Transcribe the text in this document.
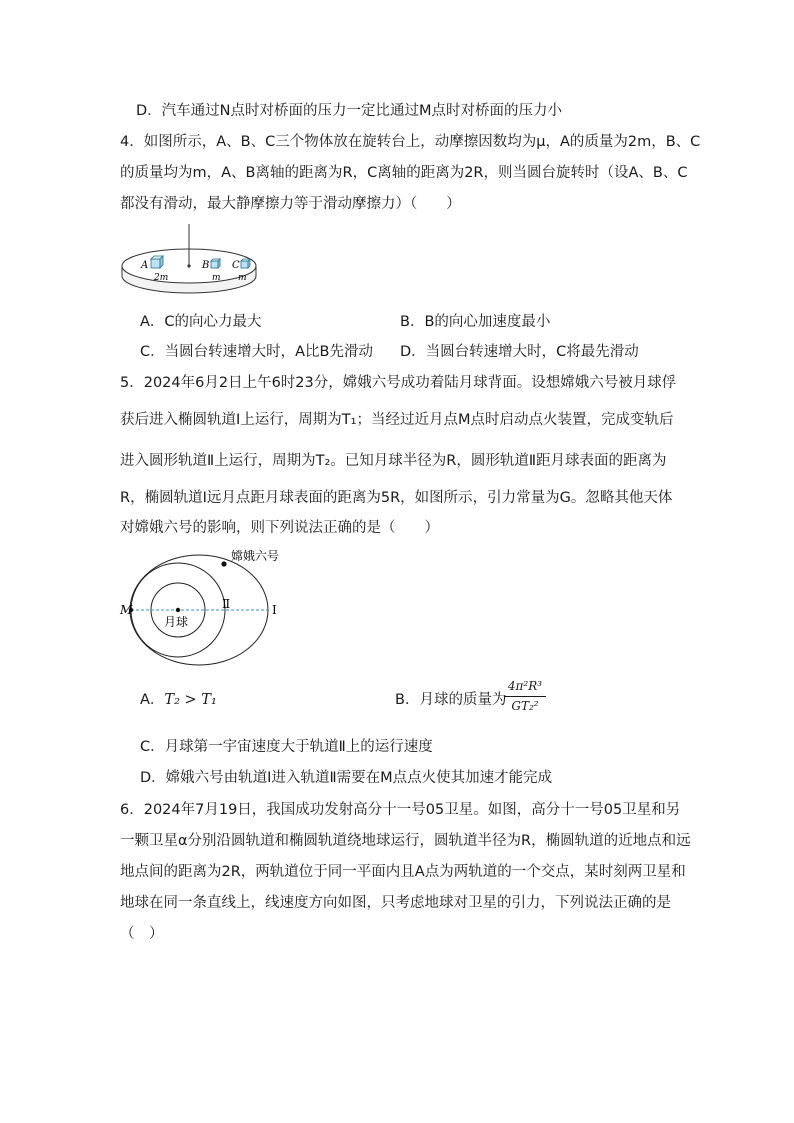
D．汽车通过N点时对桥面的压力一定比通过M点时对桥面的压力小
4．如图所示，A、B、C三个物体放在旋转台上，动摩擦因数均为μ，A的质量为2m，B、C
的质量均为m，A、B离轴的距离为R，C离轴的距离为2R，则当圆台旋转时（设A、B、C
都没有滑动，最大静摩擦力等于滑动摩擦力）（　　）
A	B C
2m	m m
A．C的向心力最大	B．B的向心加速度最小
C．当圆台转速增大时，A比B先滑动 D．当圆台转速增大时，C将最先滑动
5．2024年6月2日上午6时23分，嫦娥六号成功着陆月球背面。设想嫦娥六号被月球俘
获后进入椭圆轨道Ⅰ上运行，周期为T₁；当经过近月点M点时启动点火装置，完成变轨后
进入圆形轨道Ⅱ上运行，周期为T₂。已知月球半径为R，圆形轨道Ⅱ距月球表面的距离为
R，椭圆轨道Ⅰ远月点距月球表面的距离为5R，如图所示，引力常量为G。忽略其他天体
对嫦娥六号的影响，则下列说法正确的是（　　）
M
嫦娥六号
月球
Ⅱ	Ⅰ
A．T₂ > T₁	B．月球的质量为
4π²R³
GT₂²
C．月球第一宇宙速度大于轨道Ⅱ上的运行速度
D．嫦娥六号由轨道Ⅰ进入轨道Ⅱ需要在M点点火使其加速才能完成
6．2024年7月19日，我国成功发射高分十一号05卫星。如图，高分十一号05卫星和另
一颗卫星α分别沿圆轨道和椭圆轨道绕地球运行，圆轨道半径为R，椭圆轨道的近地点和远
地点间的距离为2R，两轨道位于同一平面内且A点为两轨道的一个交点，某时刻两卫星和
地球在同一条直线上，线速度方向如图，只考虑地球对卫星的引力，下列说法正确的是
（　）
